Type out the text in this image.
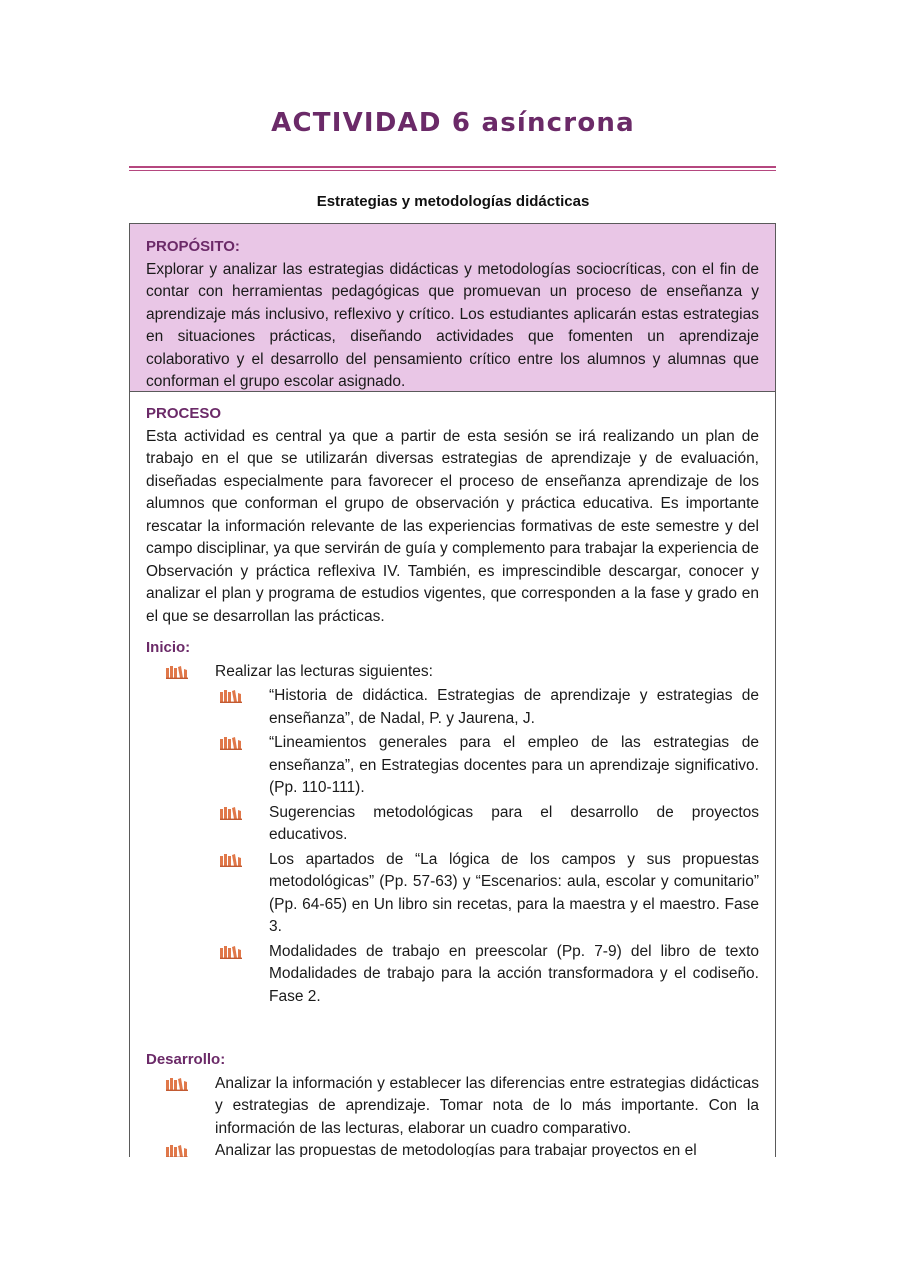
ACTIVIDAD 6 asíncrona
Estrategias y metodologías didácticas
PROPÓSITO:

Explorar y analizar las estrategias didácticas y metodologías sociocríticas, con el fin de contar con herramientas pedagógicas que promuevan un proceso de enseñanza y aprendizaje más inclusivo, reflexivo y crítico. Los estudiantes aplicarán estas estrategias en situaciones prácticas, diseñando actividades que fomenten un aprendizaje colaborativo y el desarrollo del pensamiento crítico entre los alumnos y alumnas que conforman el grupo escolar asignado.

PROCESO

Esta actividad es central ya que a partir de esta sesión se irá realizando un plan de trabajo en el que se utilizarán diversas estrategias de aprendizaje y de evaluación, diseñadas especialmente para favorecer el proceso de enseñanza aprendizaje de los alumnos que conforman el grupo de observación y práctica educativa. Es importante rescatar la información relevante de las experiencias formativas de este semestre y del campo disciplinar, ya que servirán de guía y complemento para trabajar la experiencia de Observación y práctica reflexiva IV. También, es imprescindible descargar, conocer y analizar el plan y programa de estudios vigentes, que corresponden a la fase y grado en el que se desarrollan las prácticas.

Inicio:
Realizar las lecturas siguientes:
“Historia de didáctica. Estrategias de aprendizaje y estrategias de enseñanza”, de Nadal, P. y Jaurena, J.
“Lineamientos generales para el empleo de las estrategias de enseñanza”, en Estrategias docentes para un aprendizaje significativo. (Pp. 110-111).
Sugerencias metodológicas para el desarrollo de proyectos educativos.
Los apartados de “La lógica de los campos y sus propuestas metodológicas” (Pp. 57-63) y “Escenarios: aula, escolar y comunitario” (Pp. 64-65) en Un libro sin recetas, para la maestra y el maestro. Fase 3.
Modalidades de trabajo en preescolar (Pp. 7-9) del libro de texto Modalidades de trabajo para la acción transformadora y el codiseño. Fase 2.
Desarrollo:
Analizar la información y establecer las diferencias entre estrategias didácticas y estrategias de aprendizaje. Tomar nota de lo más importante. Con la información de las lecturas, elaborar un cuadro comparativo.
Analizar las propuestas de metodologías para trabajar proyectos en el
